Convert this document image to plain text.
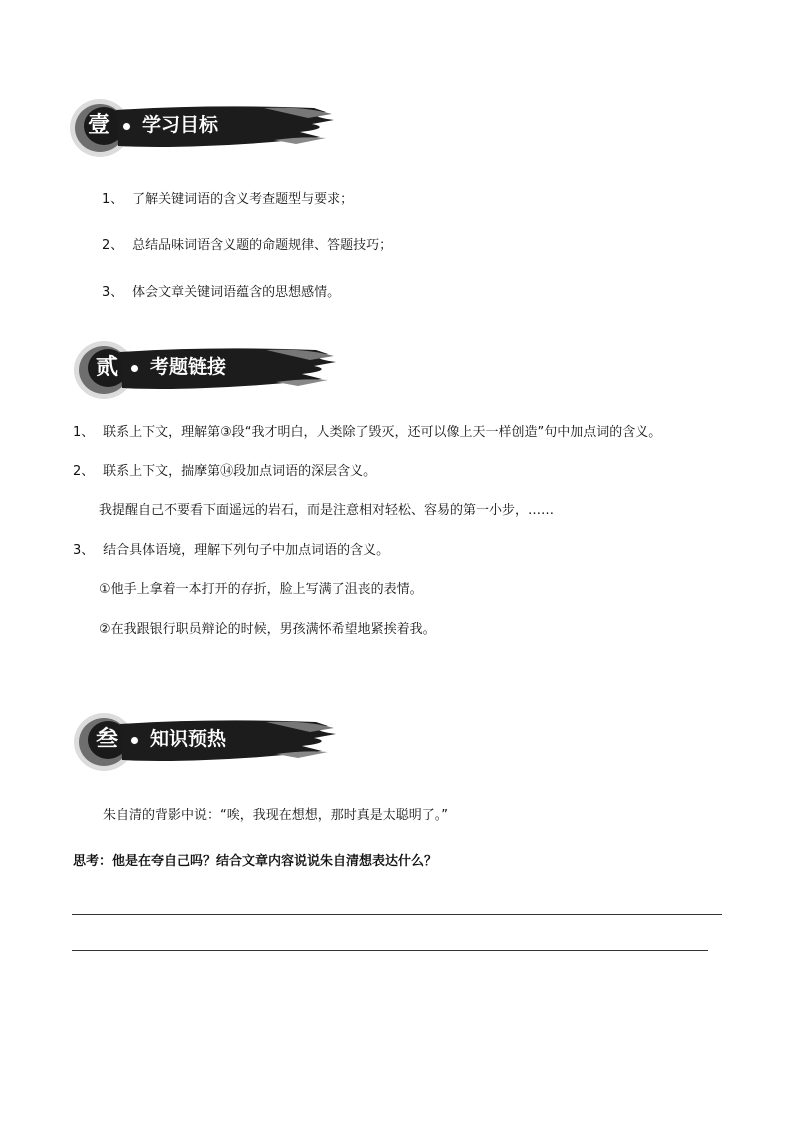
壹 学习目标
1、 了解关键词语的含义考查题型与要求；
2、 总结品味词语含义题的命题规律、答题技巧；
3、 体会文章关键词语蕴含的思想感情。
贰 考题链接
1、 联系上下文，理解第③段“我才明白，人类除了毁灭，还可以像上天一样创造”句中加点词的含义。
2、 联系上下文，揣摩第⑭段加点词语的深层含义。
我提醒自己不要看下面遥远的岩石，而是注意相对轻松、容易的第一小步，……
3、 结合具体语境，理解下列句子中加点词语的含义。
①他手上拿着一本打开的存折，脸上写满了沮丧的表情。
②在我跟银行职员辩论的时候，男孩满怀希望地紧挨着我。
叁 知识预热
朱自清的背影中说：“唉，我现在想想，那时真是太聪明了。”
思考：他是在夸自己吗？结合文章内容说说朱自清想表达什么？
